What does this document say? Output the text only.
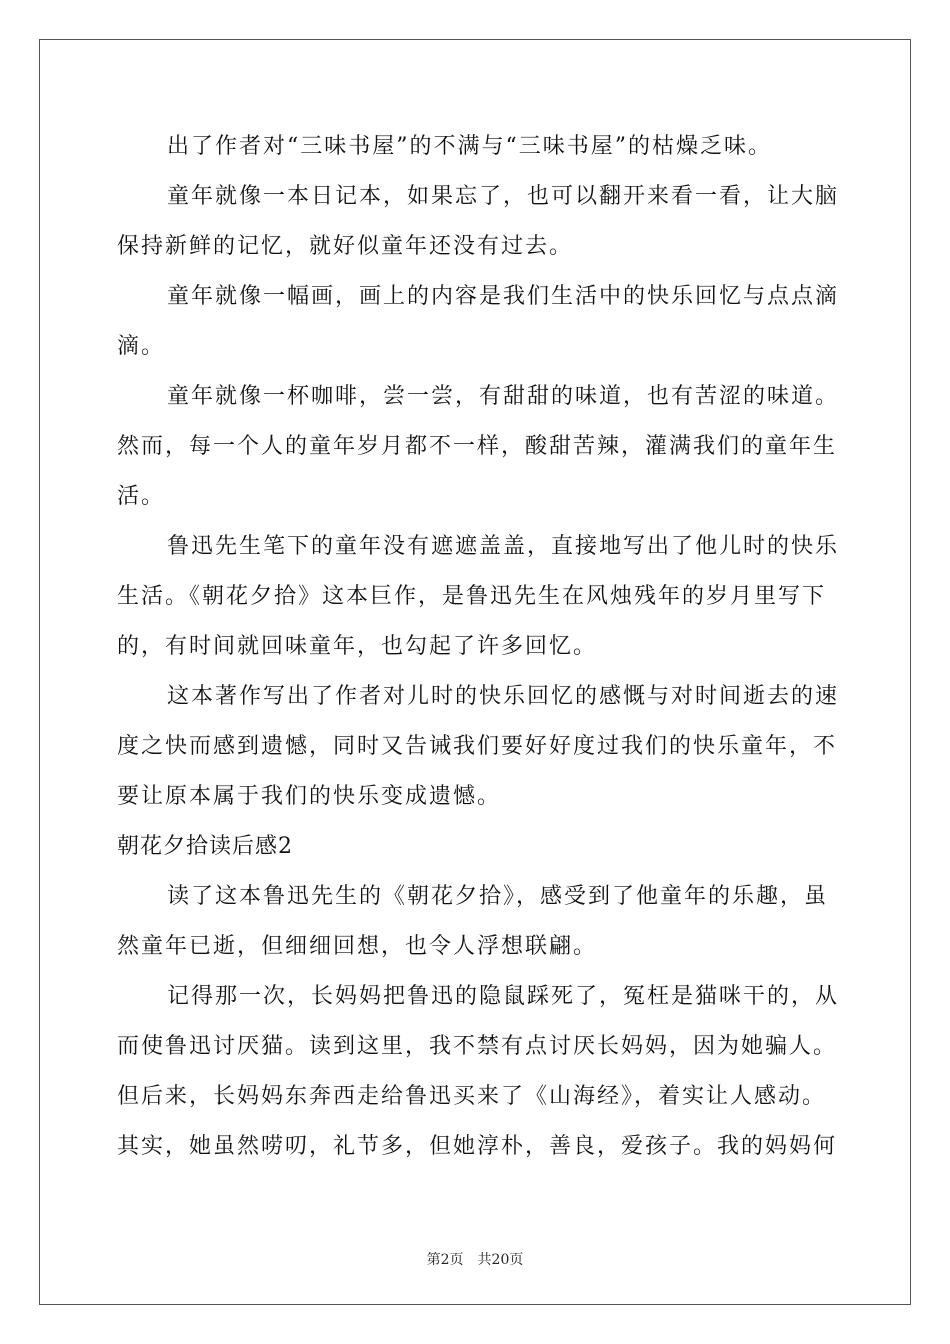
出了作者对“三味书屋”的不满与“三味书屋”的枯燥乏味。

童年就像一本日记本，如果忘了，也可以翻开来看一看，让大脑

保持新鲜的记忆，就好似童年还没有过去。

童年就像一幅画，画上的内容是我们生活中的快乐回忆与点点滴

滴。

童年就像一杯咖啡，尝一尝，有甜甜的味道，也有苦涩的味道。

然而，每一个人的童年岁月都不一样，酸甜苦辣，灌满我们的童年生

活。

鲁迅先生笔下的童年没有遮遮盖盖，直接地写出了他儿时的快乐

生活。《朝花夕拾》这本巨作，是鲁迅先生在风烛残年的岁月里写下

的，有时间就回味童年，也勾起了许多回忆。

这本著作写出了作者对儿时的快乐回忆的感慨与对时间逝去的速

度之快而感到遗憾，同时又告诫我们要好好度过我们的快乐童年，不

要让原本属于我们的快乐变成遗憾。

朝花夕拾读后感2

读了这本鲁迅先生的《朝花夕拾》，感受到了他童年的乐趣，虽

然童年已逝，但细细回想，也令人浮想联翩。

记得那一次，长妈妈把鲁迅的隐鼠踩死了，冤枉是猫咪干的，从

而使鲁迅讨厌猫。读到这里，我不禁有点讨厌长妈妈，因为她骗人。

但后来，长妈妈东奔西走给鲁迅买来了《山海经》，着实让人感动。

其实，她虽然唠叨，礼节多，但她淳朴，善良，爱孩子。我的妈妈何

第2页 共20页
